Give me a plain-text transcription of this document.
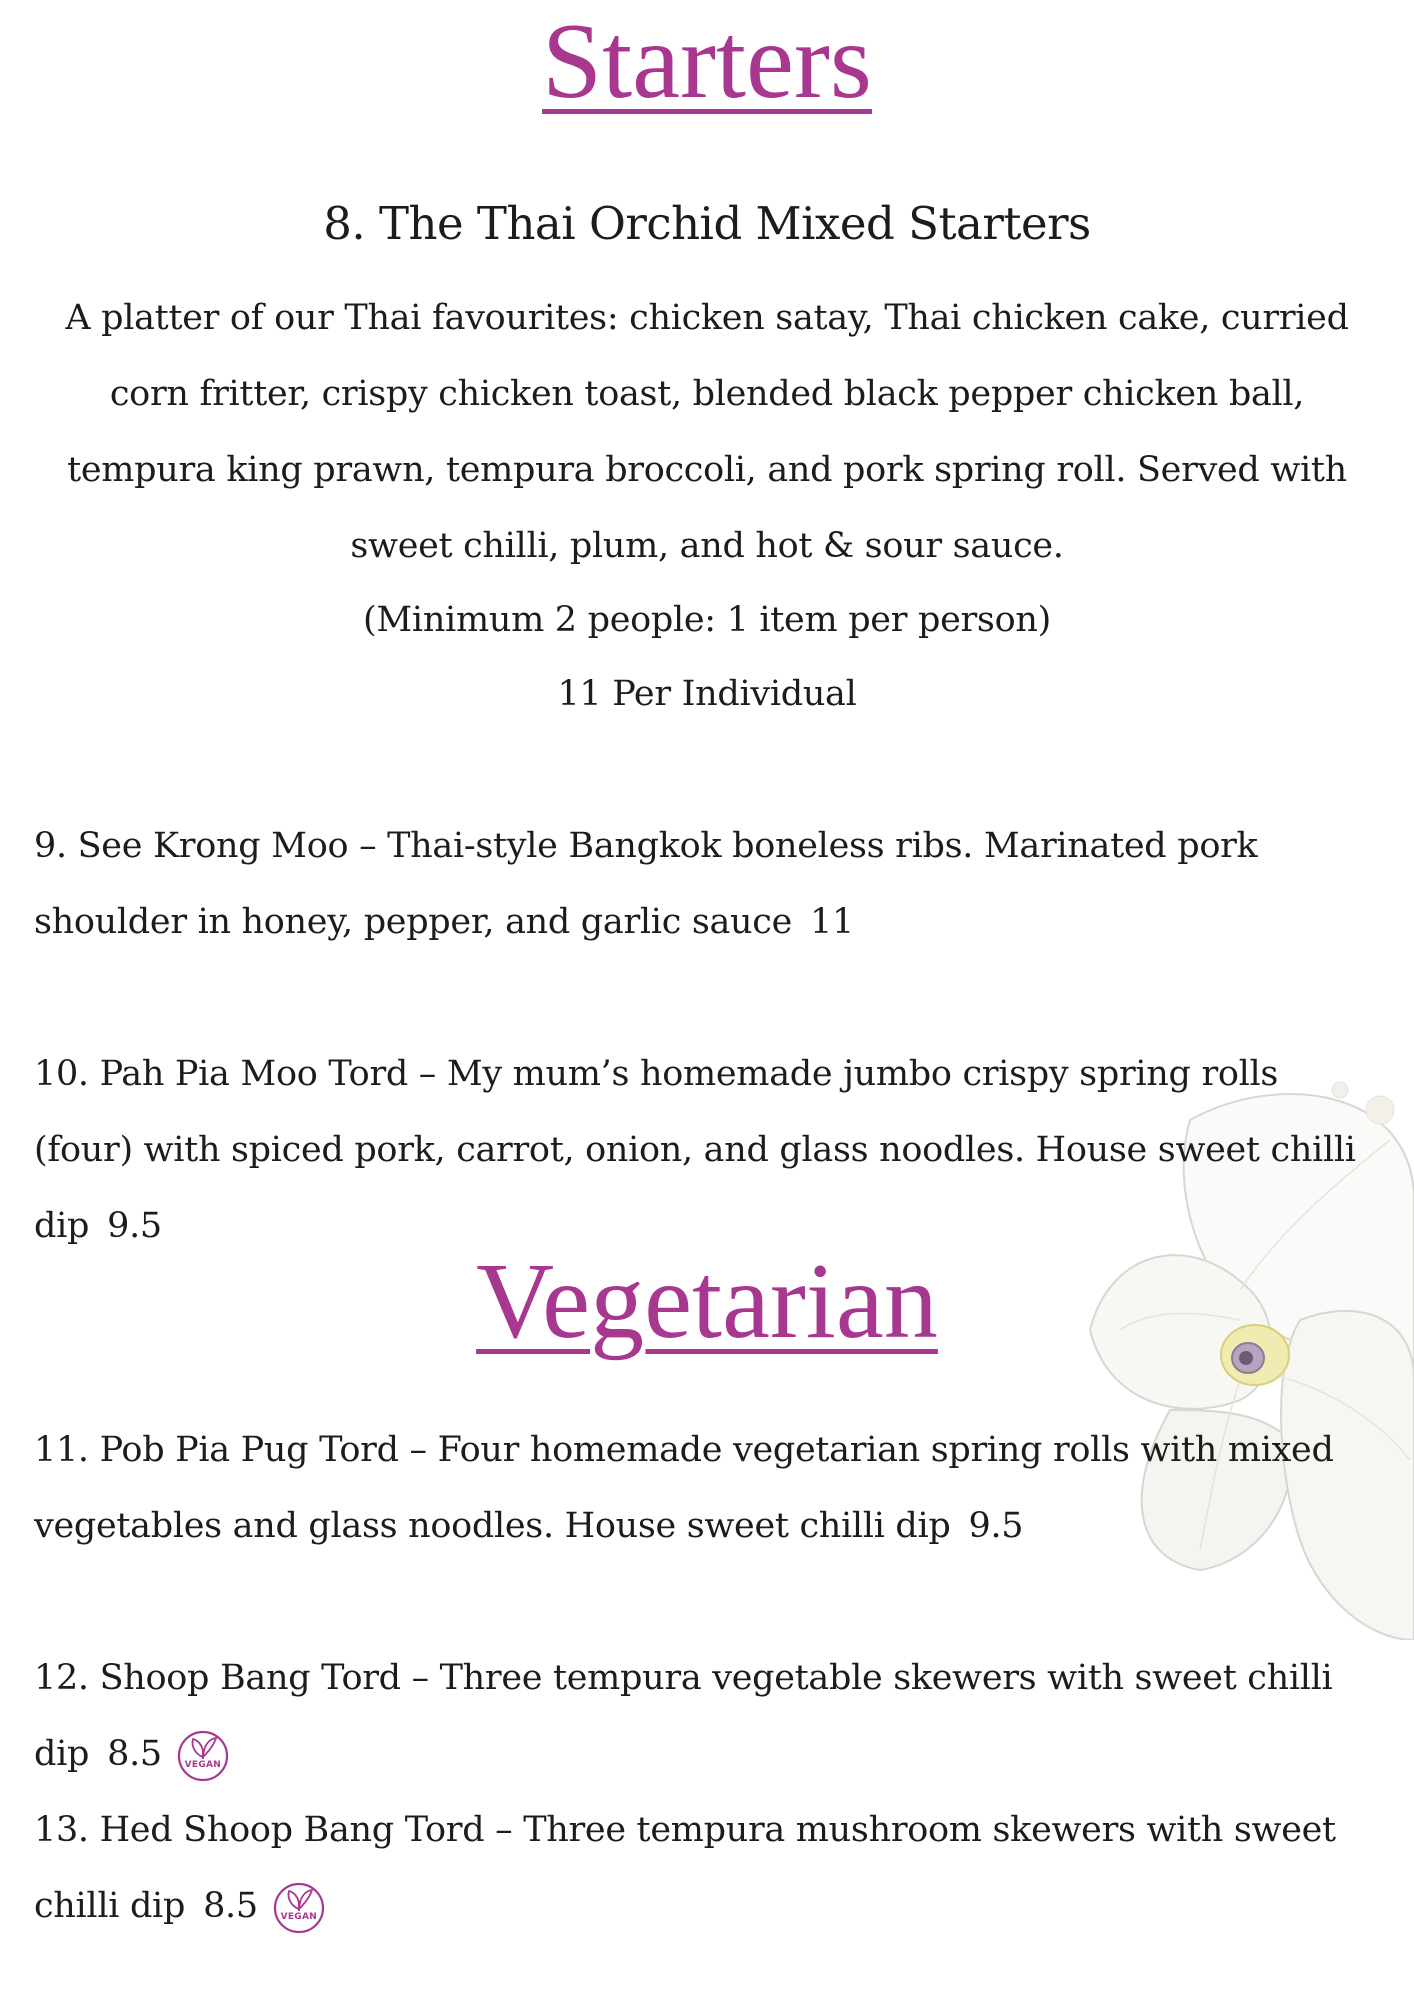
Starters
8. The Thai Orchid Mixed Starters
A platter of our Thai favourites: chicken satay, Thai chicken cake, curried corn fritter, crispy chicken toast, blended black pepper chicken ball, tempura king prawn, tempura broccoli, and pork spring roll. Served with sweet chilli, plum, and hot & sour sauce.
(Minimum 2 people: 1 item per person)
11 Per Individual
9. See Krong Moo – Thai-style Bangkok boneless ribs. Marinated pork shoulder in honey, pepper, and garlic sauce 11
10. Pah Pia Moo Tord – My mum’s homemade jumbo crispy spring rolls (four) with spiced pork, carrot, onion, and glass noodles. House sweet chilli dip 9.5
Vegetarian
11. Pob Pia Pug Tord – Four homemade vegetarian spring rolls with mixed vegetables and glass noodles. House sweet chilli dip 9.5
12. Shoop Bang Tord – Three tempura vegetable skewers with sweet chilli dip 8.5	VEGAN
13. Hed Shoop Bang Tord – Three tempura mushroom skewers with sweet chilli dip 8.5	VEGAN
